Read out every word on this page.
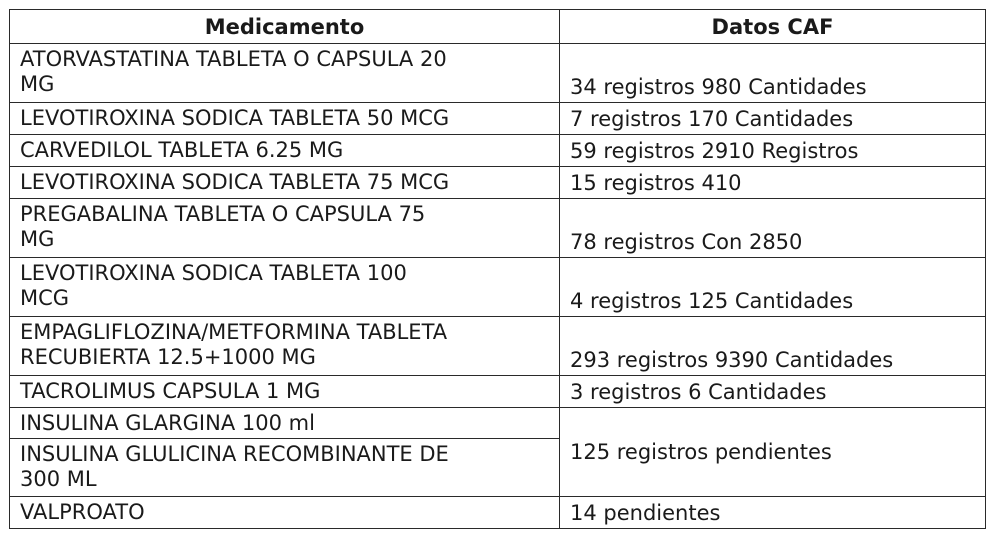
Medicamento	Datos CAF
ATORVASTATINA TABLETA O CAPSULA 20
MG	34 registros 980 Cantidades
LEVOTIROXINA SODICA TABLETA 50 MCG	7 registros 170 Cantidades
CARVEDILOL TABLETA 6.25 MG	59 registros 2910 Registros
LEVOTIROXINA SODICA TABLETA 75 MCG	15 registros 410
PREGABALINA TABLETA O CAPSULA 75
MG	78 registros Con 2850
LEVOTIROXINA SODICA TABLETA 100
MCG	4 registros 125 Cantidades
EMPAGLIFLOZINA/METFORMINA TABLETA
RECUBIERTA 12.5+1000 MG	293 registros 9390 Cantidades
TACROLIMUS CAPSULA 1 MG	3 registros 6 Cantidades
INSULINA GLARGINA 100 ml	125 registros pendientes
INSULINA GLULICINA RECOMBINANTE DE
300 ML	
VALPROATO	14 pendientes
